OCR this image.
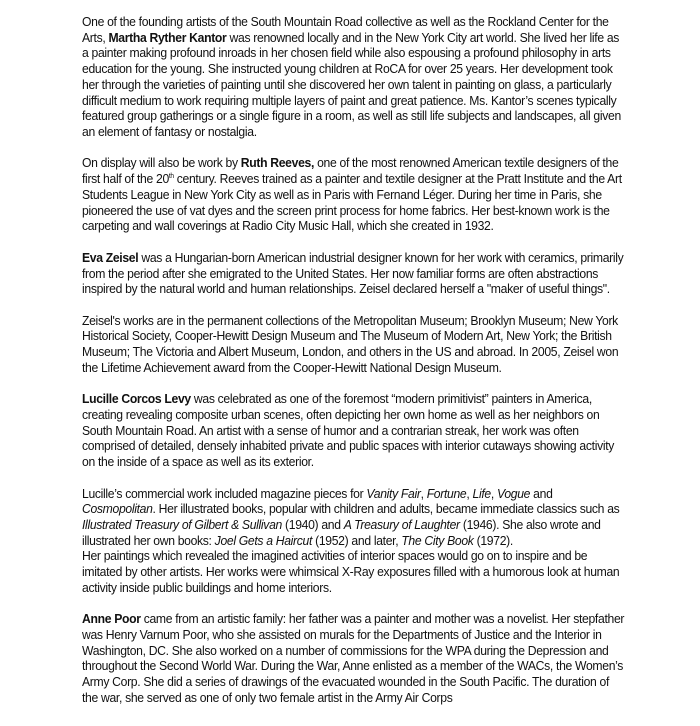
One of the founding artists of the South Mountain Road collective as well as the Rockland Center for the Arts, Martha Ryther Kantor was renowned locally and in the New York City art world. She lived her life as a painter making profound inroads in her chosen field while also espousing a profound philosophy in arts education for the young. She instructed young children at RoCA for over 25 years. Her development took her through the varieties of painting until she discovered her own talent in painting on glass, a particularly difficult medium to work requiring multiple layers of paint and great patience. Ms. Kantor’s scenes typically featured group gatherings or a single figure in a room, as well as still life subjects and landscapes, all given an element of fantasy or nostalgia.

On display will also be work by Ruth Reeves, one of the most renowned American textile designers of the first half of the 20th century. Reeves trained as a painter and textile designer at the Pratt Institute and the Art Students League in New York City as well as in Paris with Fernand Léger. During her time in Paris, she pioneered the use of vat dyes and the screen print process for home fabrics. Her best-known work is the carpeting and wall coverings at Radio City Music Hall, which she created in 1932.

Eva Zeisel was a Hungarian-born American industrial designer known for her work with ceramics, primarily from the period after she emigrated to the United States. Her now familiar forms are often abstractions inspired by the natural world and human relationships. Zeisel declared herself a "maker of useful things".

Zeisel's works are in the permanent collections of the Metropolitan Museum; Brooklyn Museum; New York Historical Society, Cooper-Hewitt Design Museum and The Museum of Modern Art, New York; the British Museum; The Victoria and Albert Museum, London, and others in the US and abroad. In 2005, Zeisel won the Lifetime Achievement award from the Cooper-Hewitt National Design Museum.

Lucille Corcos Levy was celebrated as one of the foremost “modern primitivist” painters in America, creating revealing composite urban scenes, often depicting her own home as well as her neighbors on South Mountain Road. An artist with a sense of humor and a contrarian streak, her work was often comprised of detailed, densely inhabited private and public spaces with interior cutaways showing activity on the inside of a space as well as its exterior.

Lucille’s commercial work included magazine pieces for Vanity Fair, Fortune, Life, Vogue and Cosmopolitan. Her illustrated books, popular with children and adults, became immediate classics such as Illustrated Treasury of Gilbert & Sullivan (1940) and A Treasury of Laughter (1946). She also wrote and illustrated her own books: Joel Gets a Haircut (1952) and later, The City Book (1972).

Her paintings which revealed the imagined activities of interior spaces would go on to inspire and be imitated by other artists. Her works were whimsical X-Ray exposures filled with a humorous look at human activity inside public buildings and home interiors.

Anne Poor came from an artistic family: her father was a painter and mother was a novelist. Her stepfather was Henry Varnum Poor, who she assisted on murals for the Departments of Justice and the Interior in Washington, DC. She also worked on a number of commissions for the WPA during the Depression and throughout the Second World War. During the War, Anne enlisted as a member of the WACs, the Women’s Army Corp. She did a series of drawings of the evacuated wounded in the South Pacific. The duration of the war, she served as one of only two female artist in the Army Air Corps
